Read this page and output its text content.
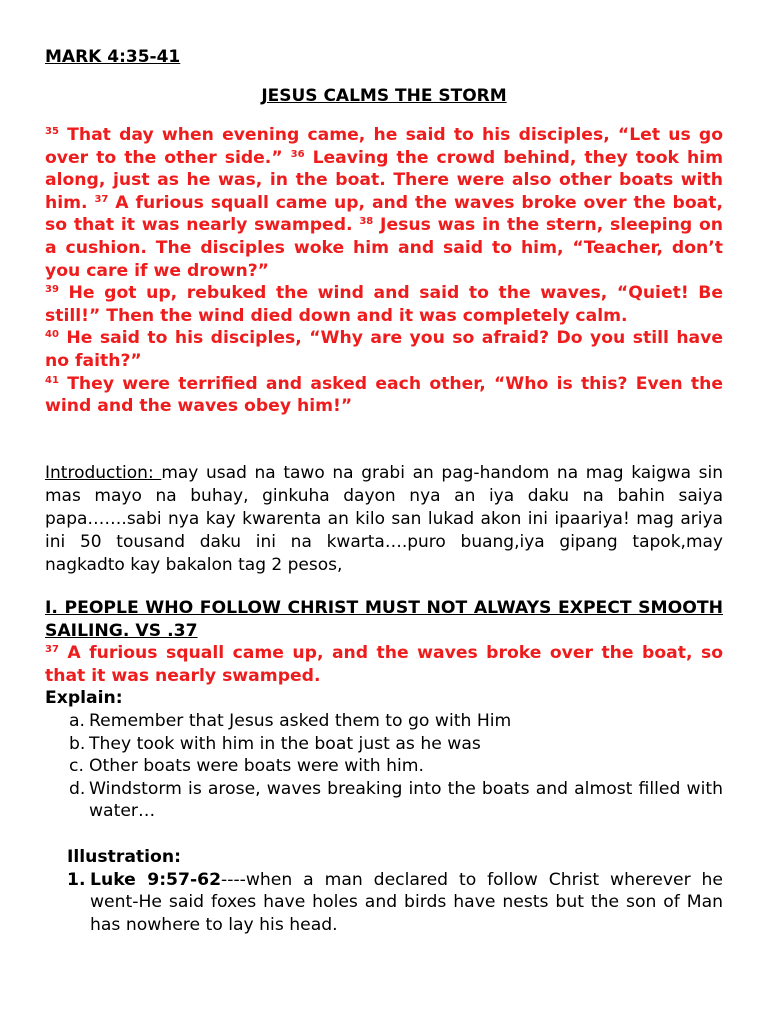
MARK 4:35-41
JESUS CALMS THE STORM
$^{35}$ That day when evening came, he said to his disciples, “Let us go over to the other side.” $^{36}$ Leaving the crowd behind, they took him along, just as he was, in the boat. There were also other boats with him. $^{37}$ A furious squall came up, and the waves broke over the boat, so that it was nearly swamped. $^{38}$ Jesus was in the stern, sleeping on a cushion. The disciples woke him and said to him, “Teacher, don’t you care if we drown?”
$^{39}$ He got up, rebuked the wind and said to the waves, “Quiet! Be still!” Then the wind died down and it was completely calm.
$^{40}$ He said to his disciples, “Why are you so afraid? Do you still have no faith?”
$^{41}$ They were terrified and asked each other, “Who is this? Even the wind and the waves obey him!”
Introduction: may usad na tawo na grabi an pag-handom na mag kaigwa sin mas mayo na buhay, ginkuha dayon nya an iya daku na bahin saiya papa…….sabi nya kay kwarenta an kilo san lukad akon ini ipaariya! mag ariya ini 50 tousand daku ini na kwarta….puro buang,iya gipang tapok,may nagkadto kay bakalon tag 2 pesos,
I. PEOPLE WHO FOLLOW CHRIST MUST NOT ALWAYS EXPECT SMOOTH SAILING. VS .37
$^{37}$ A furious squall came up, and the waves broke over the boat, so that it was nearly swamped.
Explain:
a. Remember that Jesus asked them to go with Him
b. They took with him in the boat just as he was
c. Other boats were boats were with him.
d. Windstorm is arose, waves breaking into the boats and almost filled with water…
Illustration:
1. Luke 9:57-62----when a man declared to follow Christ wherever he went-He said foxes have holes and birds have nests but the son of Man has nowhere to lay his head.
